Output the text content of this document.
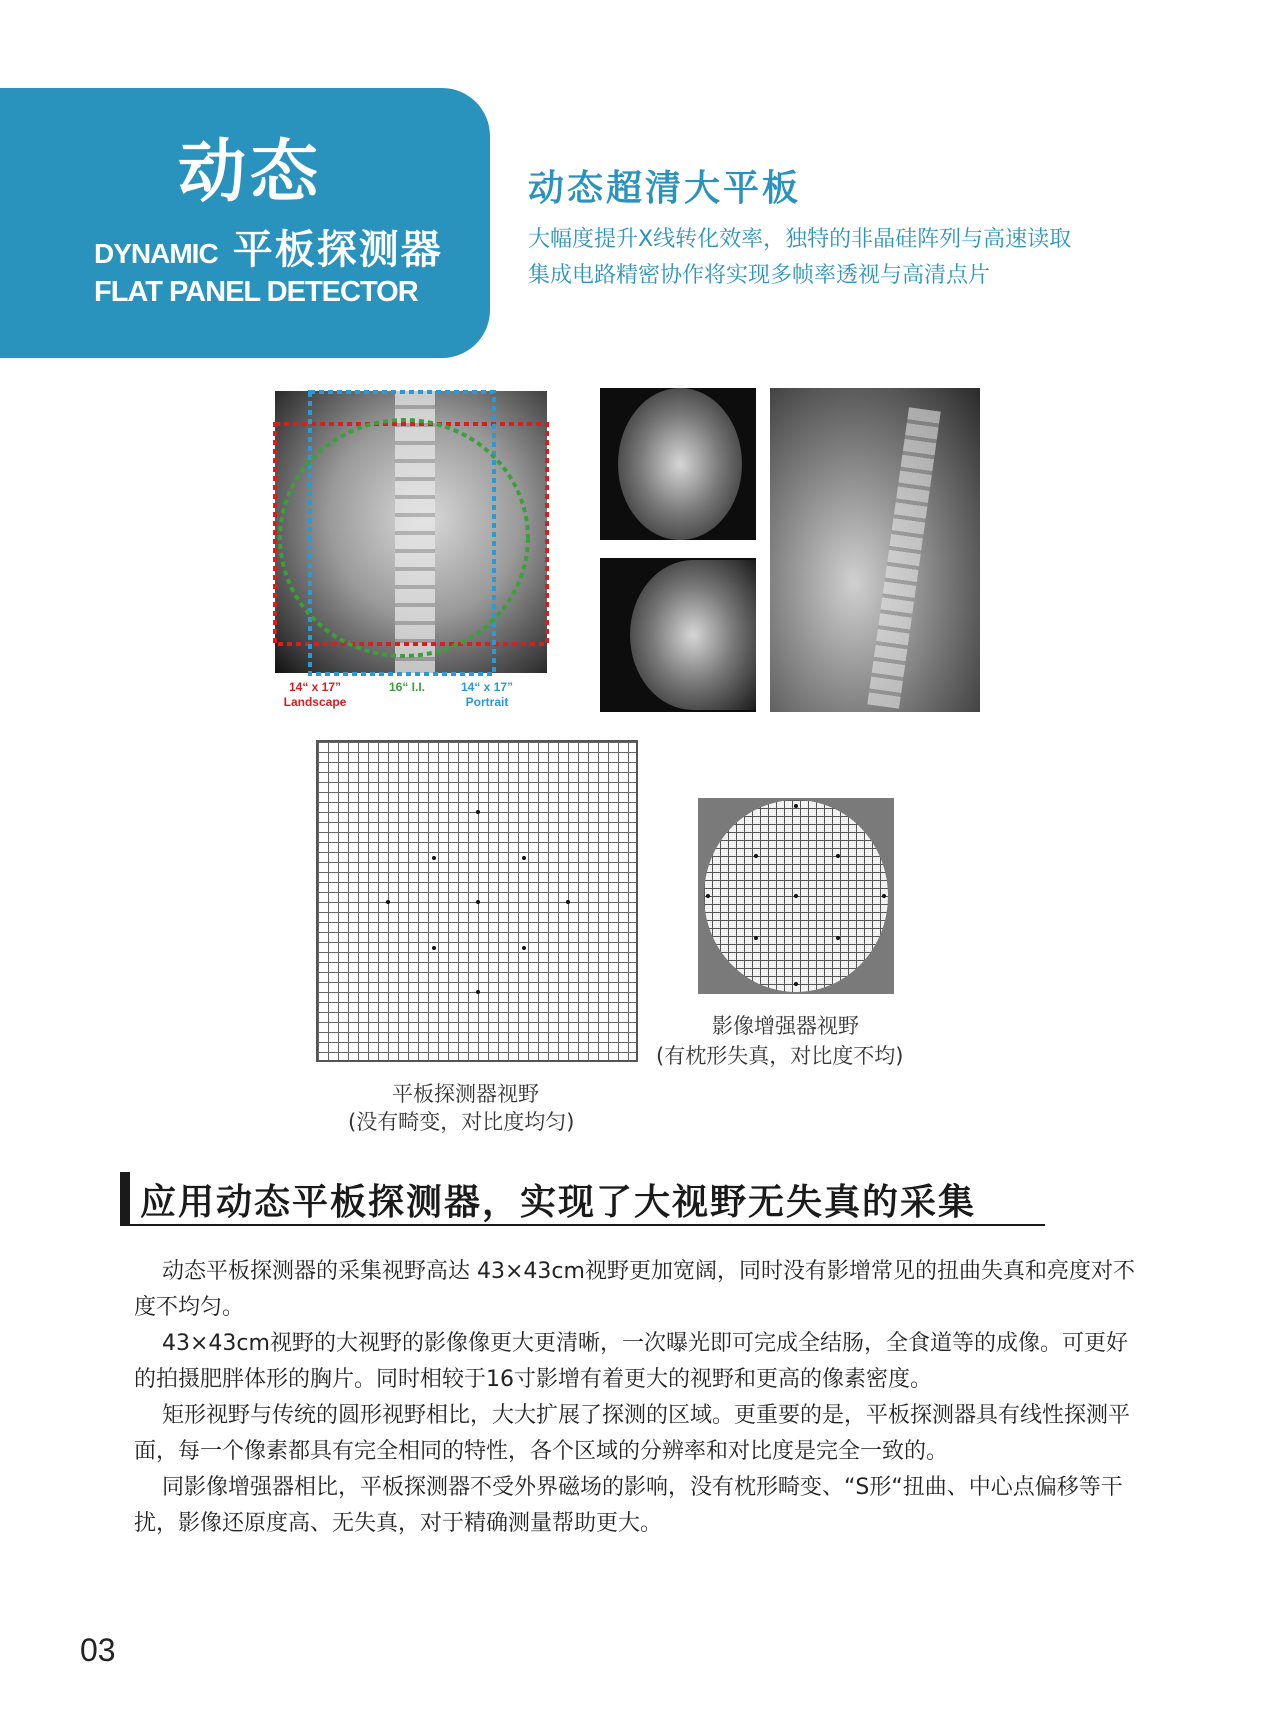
动态
DYNAMIC 平板探测器
FLAT PANEL DETECTOR
动态超清大平板
大幅度提升X线转化效率，独特的非晶硅阵列与高速读取
集成电路精密协作将实现多帧率透视与高清点片
14“ x 17”
Landscape
16“ I.I.	14“ x 17”
Portrait
平板探测器视野
(没有畸变，对比度均匀)
影像增强器视野
(有枕形失真，对比度不均)
应用动态平板探测器，实现了大视野无失真的采集

动态平板探测器的采集视野高达 43×43cm视野更加宽阔，同时没有影增常见的扭曲失真和亮度对不度不均匀。

43×43cm视野的大视野的影像像更大更清晰，一次曝光即可完成全结肠，全食道等的成像。可更好的拍摄肥胖体形的胸片。同时相较于16寸影增有着更大的视野和更高的像素密度。

矩形视野与传统的圆形视野相比，大大扩展了探测的区域。更重要的是，平板探测器具有线性探测平面，每一个像素都具有完全相同的特性，各个区域的分辨率和对比度是完全一致的。

同影像增强器相比，平板探测器不受外界磁场的影响，没有枕形畸变、“S形“扭曲、中心点偏移等干扰，影像还原度高、无失真，对于精确测量帮助更大。

03
